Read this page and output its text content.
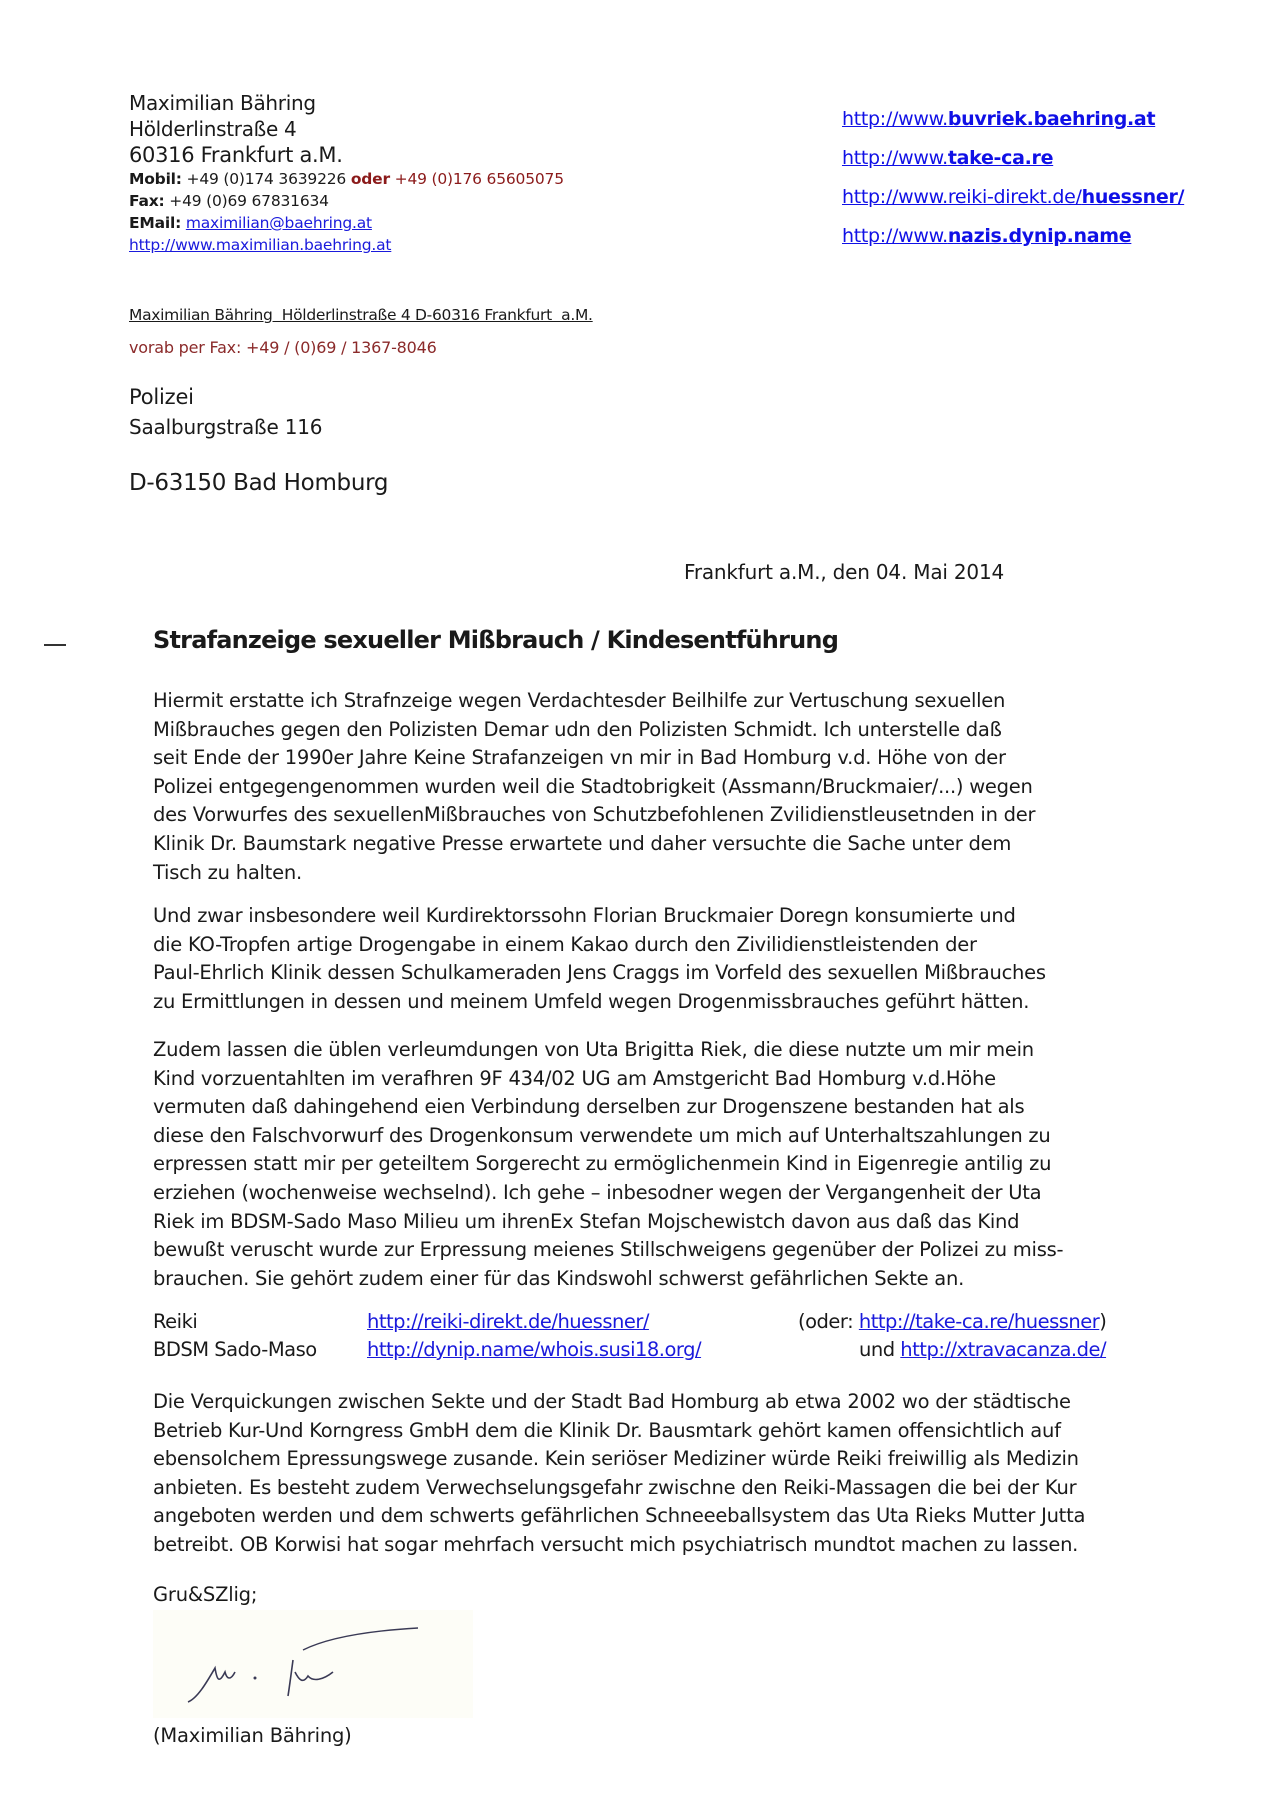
Maximilian Bähring
Hölderlinstraße 4
60316 Frankfurt a.M.
Mobil: +49 (0)174 3639226 oder +49 (0)176 65605075
Fax: +49 (0)69 67831634
EMail: maximilian@baehring.at
http://www.maximilian.baehring.at
http://www.buvriek.baehring.at
http://www.take-ca.re
http://www.reiki-direkt.de/huessner/
http://www.nazis.dynip.name
Maximilian Bähring  Hölderlinstraße 4 D-60316 Frankfurt  a.M.
vorab per Fax: +49 / (0)69 / 1367-8046
Polizei
Saalburgstraße 116
D-63150 Bad Homburg
Frankfurt a.M., den 04. Mai 2014
Strafanzeige sexueller Mißbrauch / Kindesentführung
Hiermit erstatte ich Strafnzeige wegen Verdachtesder Beilhilfe zur Vertuschung sexuellen
Mißbrauches gegen den Polizisten Demar udn den Polizisten Schmidt. Ich unterstelle daß
seit Ende der 1990er Jahre Keine Strafanzeigen vn mir in Bad Homburg v.d. Höhe von der
Polizei entgegengenommen wurden weil die Stadtobrigkeit (Assmann/Bruckmaier/...) wegen
des Vorwurfes des sexuellenMißbrauches von Schutzbefohlenen Zvilidienstleusetnden in der
Klinik Dr. Baumstark negative Presse erwartete und daher versuchte die Sache unter dem
Tisch zu halten.
Und zwar insbesondere weil Kurdirektorssohn Florian Bruckmaier Doregn konsumierte und
die KO-Tropfen artige Drogengabe in einem Kakao durch den Zivilidienstleistenden der
Paul-Ehrlich Klinik dessen Schulkameraden Jens Craggs im Vorfeld des sexuellen Mißbrauches
zu Ermittlungen in dessen und meinem Umfeld wegen Drogenmissbrauches geführt hätten.
Zudem lassen die üblen verleumdungen von Uta Brigitta Riek, die diese nutzte um mir mein
Kind vorzuentahlten im verafhren 9F 434/02 UG am Amstgericht Bad Homburg v.d.Höhe
vermuten daß dahingehend eien Verbindung derselben zur Drogenszene bestanden hat als
diese den Falschvorwurf des Drogenkonsum verwendete um mich auf Unterhaltszahlungen zu
erpressen statt mir per geteiltem Sorgerecht zu ermöglichenmein Kind in Eigenregie antilig zu
erziehen (wochenweise wechselnd). Ich gehe – inbesodner wegen der Vergangenheit der Uta
Riek im BDSM-Sado Maso Milieu um ihrenEx Stefan Mojschewistch davon aus daß das Kind
bewußt veruscht wurde zur Erpressung meienes Stillschweigens gegenüber der Polizei zu miss-
brauchen. Sie gehört zudem einer für das Kindswohl schwerst gefährlichen Sekte an.
Reiki	http://reiki-direkt.de/huessner/	(oder: http://take-ca.re/huessner)
BDSM Sado-Maso	http://dynip.name/whois.susi18.org/	und http://xtravacanza.de/
Die Verquickungen zwischen Sekte und der Stadt Bad Homburg ab etwa 2002 wo der städtische
Betrieb Kur-Und Korngress GmbH dem die Klinik Dr. Bausmtark gehört kamen offensichtlich auf
ebensolchem Epressungswege zusande. Kein seriöser Mediziner würde Reiki freiwillig als Medizin
anbieten. Es besteht zudem Verwechselungsgefahr zwischne den Reiki-Massagen die bei der Kur
angeboten werden und dem schwerts gefährlichen Schneeeballsystem das Uta Rieks Mutter Jutta
betreibt. OB Korwisi hat sogar mehrfach versucht mich psychiatrisch mundtot machen zu lassen.
Gru&SZlig;
(Maximilian Bähring)
